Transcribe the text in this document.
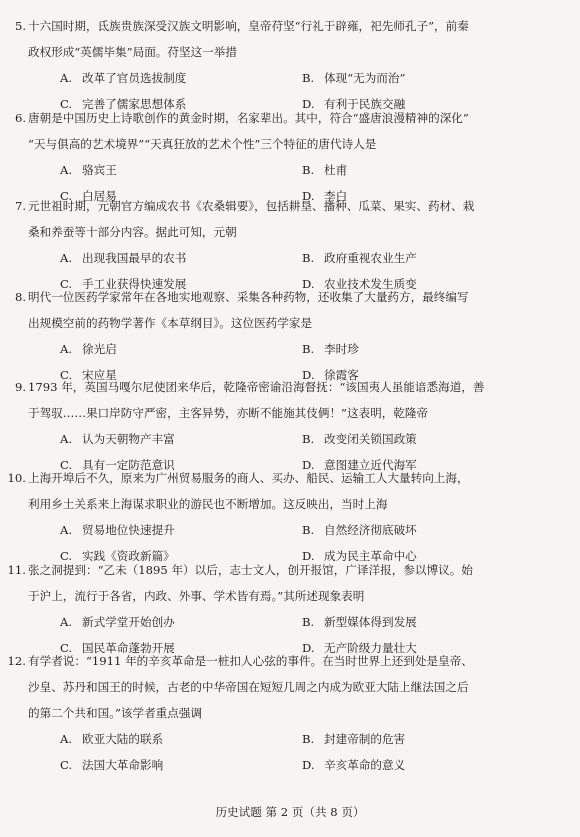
5. 十六国时期，氐族贵族深受汉族文明影响，皇帝苻坚“行礼于辟雍，祀先师孔子”，前秦
政权形成“英儒毕集”局面。苻坚这一举措
A. 改革了官员选拔制度	B. 体现“无为而治”
C. 完善了儒家思想体系	D. 有利于民族交融
6. 唐朝是中国历史上诗歌创作的黄金时期，名家辈出。其中，符合“盛唐浪漫精神的深化”
“天与俱高的艺术境界”“天真狂放的艺术个性”三个特征的唐代诗人是
A. 骆宾王	B. 杜甫
C. 白居易	D. 李白
7. 元世祖时期，元朝官方编成农书《农桑辑要》，包括耕垦、播种、瓜菜、果实、药材、栽
桑和养蚕等十部分内容。据此可知，元朝
A. 出现我国最早的农书	B. 政府重视农业生产
C. 手工业获得快速发展	D. 农业技术发生质变
8. 明代一位医药学家常年在各地实地观察、采集各种药物，还收集了大量药方，最终编写
出规模空前的药物学著作《本草纲目》。这位医药学家是
A. 徐光启	B. 李时珍
C. 宋应星	D. 徐霞客
9. 1793 年，英国马嘎尔尼使团来华后，乾隆帝密谕沿海督抚：“该国夷人虽能谙悉海道，善
于驾驭……果口岸防守严密，主客异势，亦断不能施其伎俩！”这表明，乾隆帝
A. 认为天朝物产丰富	B. 改变闭关锁国政策
C. 具有一定防范意识	D. 意图建立近代海军
10. 上海开埠后不久，原来为广州贸易服务的商人、买办、船民、运输工人大量转向上海，
利用乡土关系来上海谋求职业的游民也不断增加。这反映出，当时上海
A. 贸易地位快速提升	B. 自然经济彻底破坏
C. 实践《资政新篇》	D. 成为民主革命中心
11. 张之洞提到：“乙未（1895 年）以后，志士文人，创开报馆，广译洋报，参以博议。始
于沪上，流行于各省，内政、外事、学术皆有焉。”其所述现象表明
A. 新式学堂开始创办	B. 新型媒体得到发展
C. 国民革命蓬勃开展	D. 无产阶级力量壮大
12. 有学者说：“1911 年的辛亥革命是一桩扣人心弦的事件。在当时世界上还到处是皇帝、
沙皇、苏丹和国王的时候，古老的中华帝国在短短几周之内成为欧亚大陆上继法国之后
的第二个共和国。”该学者重点强调
A. 欧亚大陆的联系	B. 封建帝制的危害
C. 法国大革命影响	D. 辛亥革命的意义
历史试题 第 2 页（共 8 页）
